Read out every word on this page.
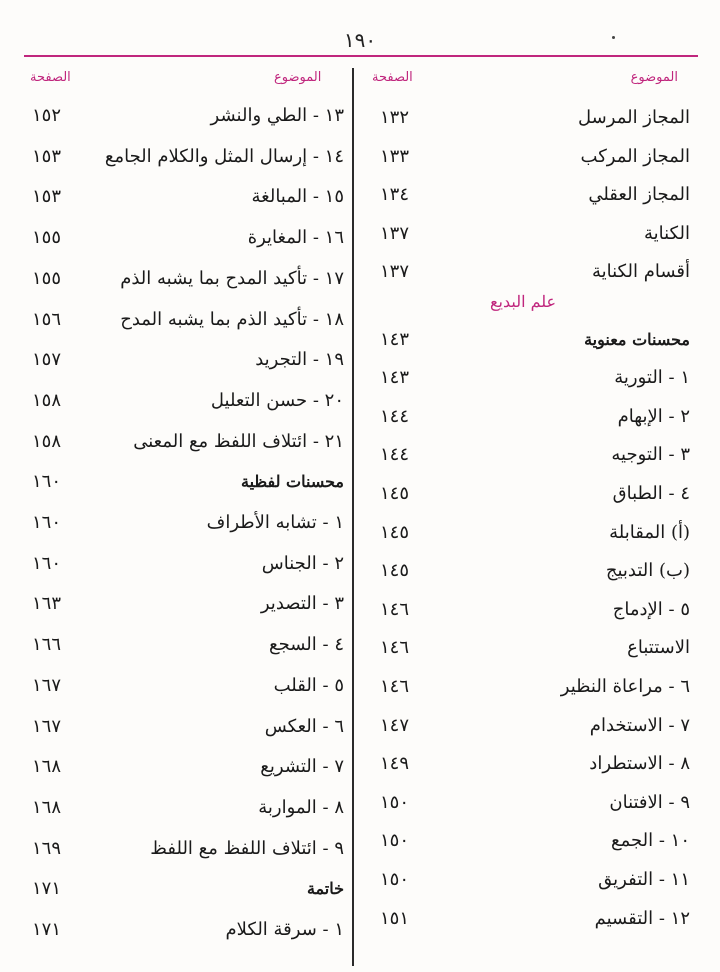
١٩٠
الموضوع
الصفحة
الموضوع
الصفحة
المجاز المرسل
١٣٢
المجاز المركب
١٣٣
المجاز العقلي
١٣٤
الكناية
١٣٧
أقسام الكناية
١٣٧
علم البديع
محسنات معنوية
١٤٣
١ - التورية
١٤٣
٢ - الإبهام
١٤٤
٣ - التوجيه
١٤٤
٤ - الطباق
١٤٥
(أ) المقابلة
١٤٥
(ب) التدبيج
١٤٥
٥ - الإدماج
١٤٦
الاستتباع
١٤٦
٦ - مراعاة النظير
١٤٦
٧ - الاستخدام
١٤٧
٨ - الاستطراد
١٤٩
٩ - الافتنان
١٥٠
١٠ - الجمع
١٥٠
١١ - التفريق
١٥٠
١٢ - التقسيم
١٥١
١٣ - الطي والنشر
١٥٢
١٤ - إرسال المثل والكلام الجامع
١٥٣
١٥ - المبالغة
١٥٣
١٦ - المغايرة
١٥٥
١٧ - تأكيد المدح بما يشبه الذم
١٥٥
١٨ - تأكيد الذم بما يشبه المدح
١٥٦
١٩ - التجريد
١٥٧
٢٠ - حسن التعليل
١٥٨
٢١ - ائتلاف اللفظ مع المعنى
١٥٨
محسنات لفظية
١٦٠
١ - تشابه الأطراف
١٦٠
٢ - الجناس
١٦٠
٣ - التصدير
١٦٣
٤ - السجع
١٦٦
٥ - القلب
١٦٧
٦ - العكس
١٦٧
٧ - التشريع
١٦٨
٨ - المواربة
١٦٨
٩ - ائتلاف اللفظ مع اللفظ
١٦٩
خاتمة
١٧١
١ - سرقة الكلام
١٧١
